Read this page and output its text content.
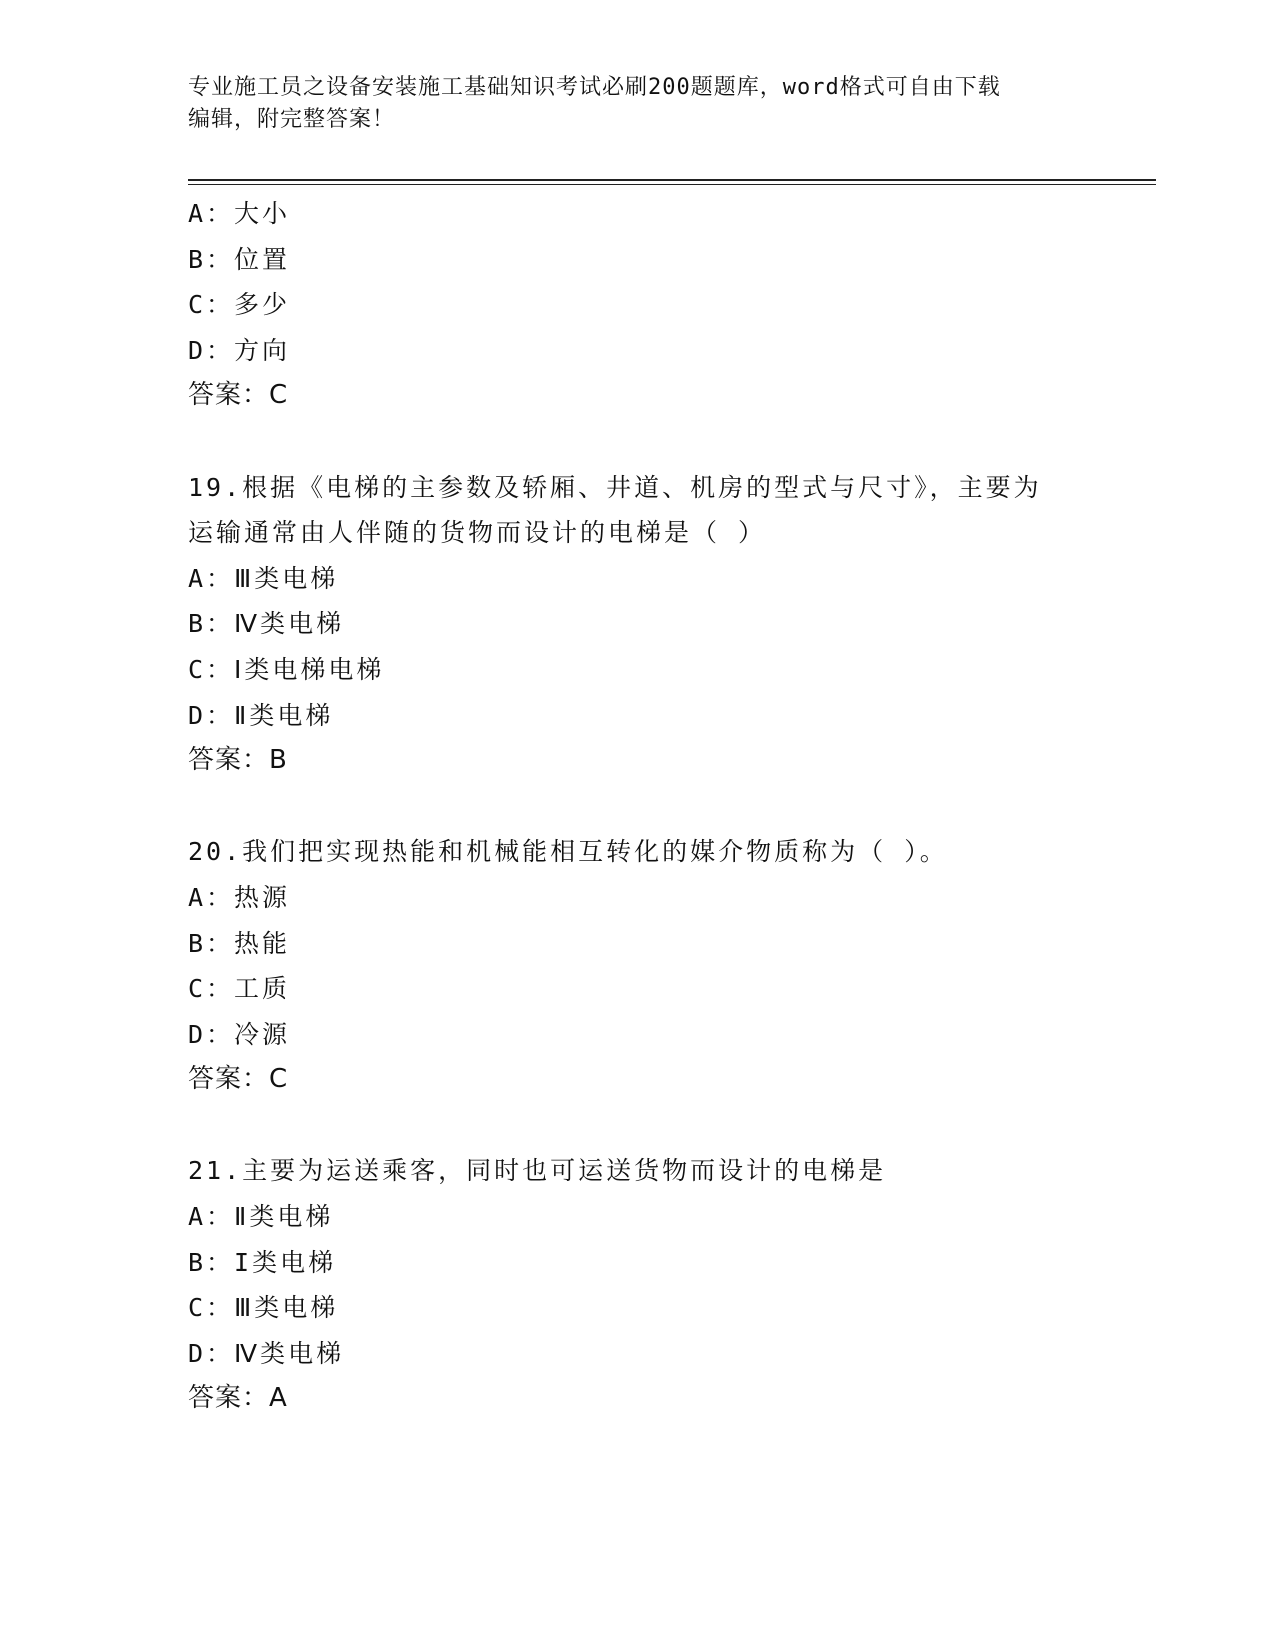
专业施工员之设备安装施工基础知识考试必刷200题题库，word格式可自由下载
编辑，附完整答案！
A：大小
B：位置
C：多少
D：方向
答案：C
19.根据《电梯的主参数及轿厢、井道、机房的型式与尺寸》，主要为
运输通常由人伴随的货物而设计的电梯是（ ）
A：Ⅲ类电梯
B：Ⅳ类电梯
C：Ⅰ类电梯电梯
D：Ⅱ类电梯
答案：B
20.我们把实现热能和机械能相互转化的媒介物质称为（ ）。
A：热源
B：热能
C：工质
D：冷源
答案：C
21.主要为运送乘客，同时也可运送货物而设计的电梯是
A：Ⅱ类电梯
B：I类电梯
C：Ⅲ类电梯
D：Ⅳ类电梯
答案：A
